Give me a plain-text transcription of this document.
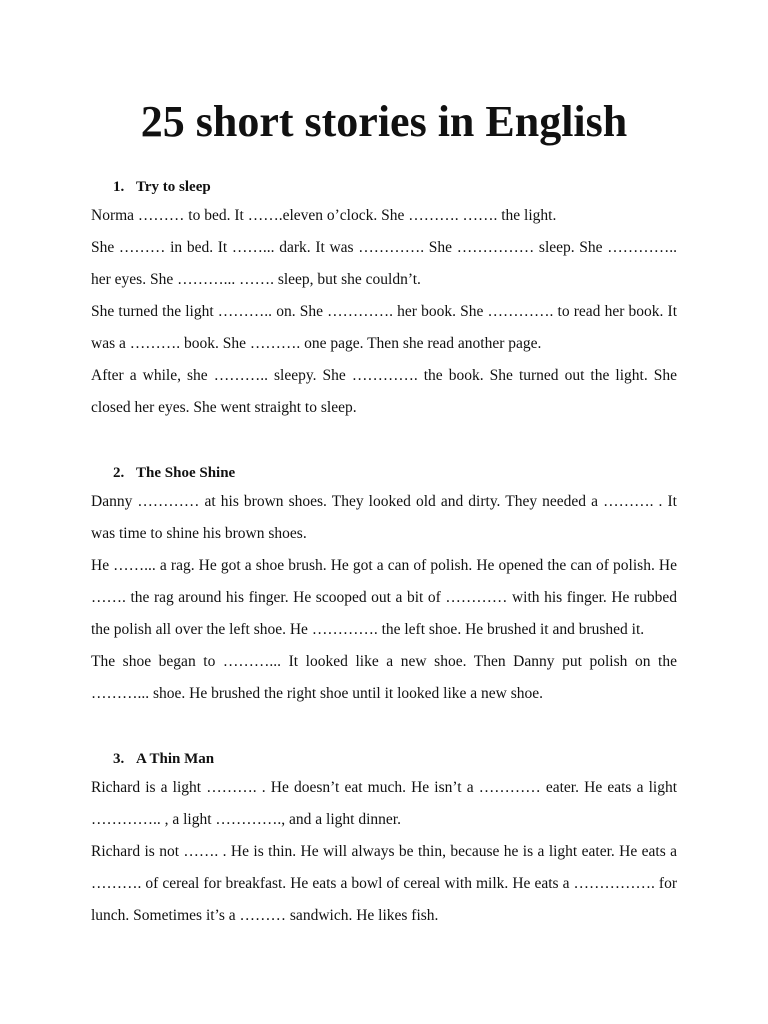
25 short stories in English
1. Try to sleep

Norma ……… to bed. It …….eleven o’clock. She ………. ……. the light.

She ……… in bed. It ……... dark. It was …………. She …………… sleep. She ………….. her eyes. She ………... ……. sleep, but she couldn’t.

She turned the light ……….. on. She …………. her book. She …………. to read her book. It was a ………. book. She ………. one page. Then she read another page.

After a while, she ……….. sleepy. She …………. the book. She turned out the light. She closed her eyes. She went straight to sleep.

2. The Shoe Shine

Danny ………… at his brown shoes. They looked old and dirty. They needed a ………. . It was time to shine his brown shoes.

He ……... a rag. He got a shoe brush. He got a can of polish. He opened the can of polish. He ……. the rag around his finger. He scooped out a bit of ………… with his finger. He rubbed the polish all over the left shoe. He …………. the left shoe. He brushed it and brushed it.

The shoe began to ………... It looked like a new shoe. Then Danny put polish on the ………... shoe. He brushed the right shoe until it looked like a new shoe.

3. A Thin Man

Richard is a light ………. . He doesn’t eat much. He isn’t a ………… eater. He eats a light ………….. , a light …………., and a light dinner.

Richard is not ……. . He is thin. He will always be thin, because he is a light eater. He eats a ………. of cereal for breakfast. He eats a bowl of cereal with milk. He eats a ……………. for lunch. Sometimes it’s a ……… sandwich. He likes fish.
